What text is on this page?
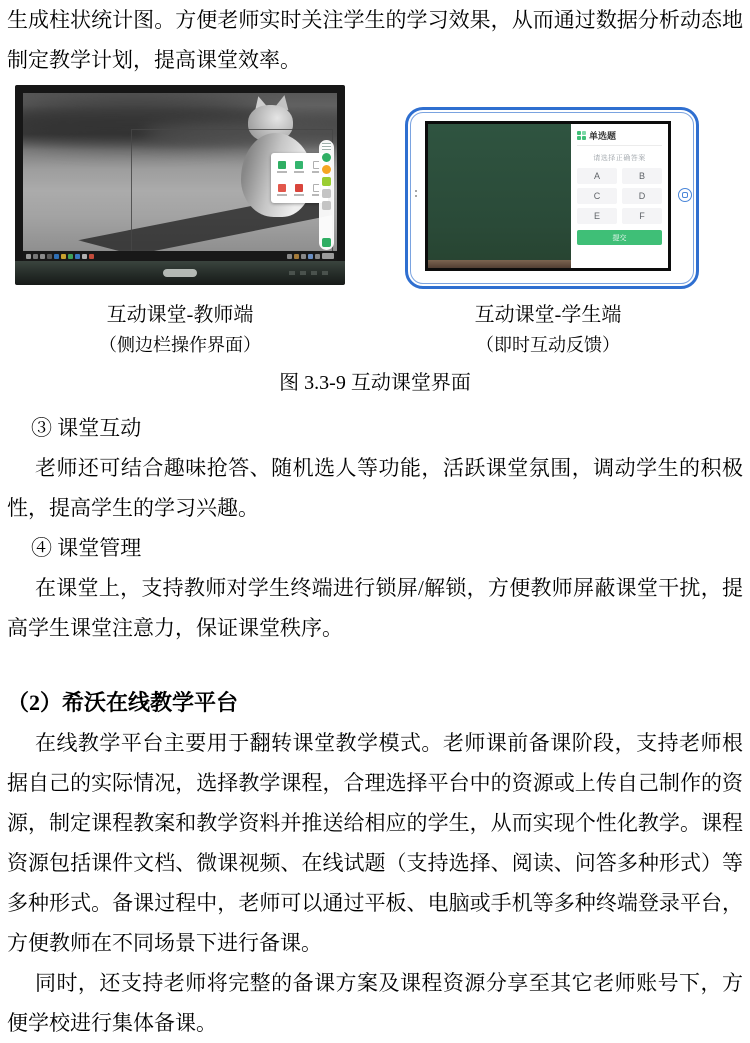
生成柱状统计图。方便老师实时关注学生的学习效果，从而通过数据分析动态地制定教学计划，提高课堂效率。

单选题
请选择正确答案
A	B
C	D
E	F
提交
互动课堂-教师端
（侧边栏操作界面）
互动课堂-学生端
（即时互动反馈）
图 3.3-9 互动课堂界面

③ 课堂互动

老师还可结合趣味抢答、随机选人等功能，活跃课堂氛围，调动学生的积极性，提高学生的学习兴趣。

④ 课堂管理

在课堂上，支持教师对学生终端进行锁屏/解锁，方便教师屏蔽课堂干扰，提高学生课堂注意力，保证课堂秩序。

（2）希沃在线教学平台

在线教学平台主要用于翻转课堂教学模式。老师课前备课阶段，支持老师根据自己的实际情况，选择教学课程，合理选择平台中的资源或上传自己制作的资源，制定课程教案和教学资料并推送给相应的学生，从而实现个性化教学。课程资源包括课件文档、微课视频、在线试题（支持选择、阅读、问答多种形式）等多种形式。备课过程中，老师可以通过平板、电脑或手机等多种终端登录平台，方便教师在不同场景下进行备课。

同时，还支持老师将完整的备课方案及课程资源分享至其它老师账号下，方便学校进行集体备课。
